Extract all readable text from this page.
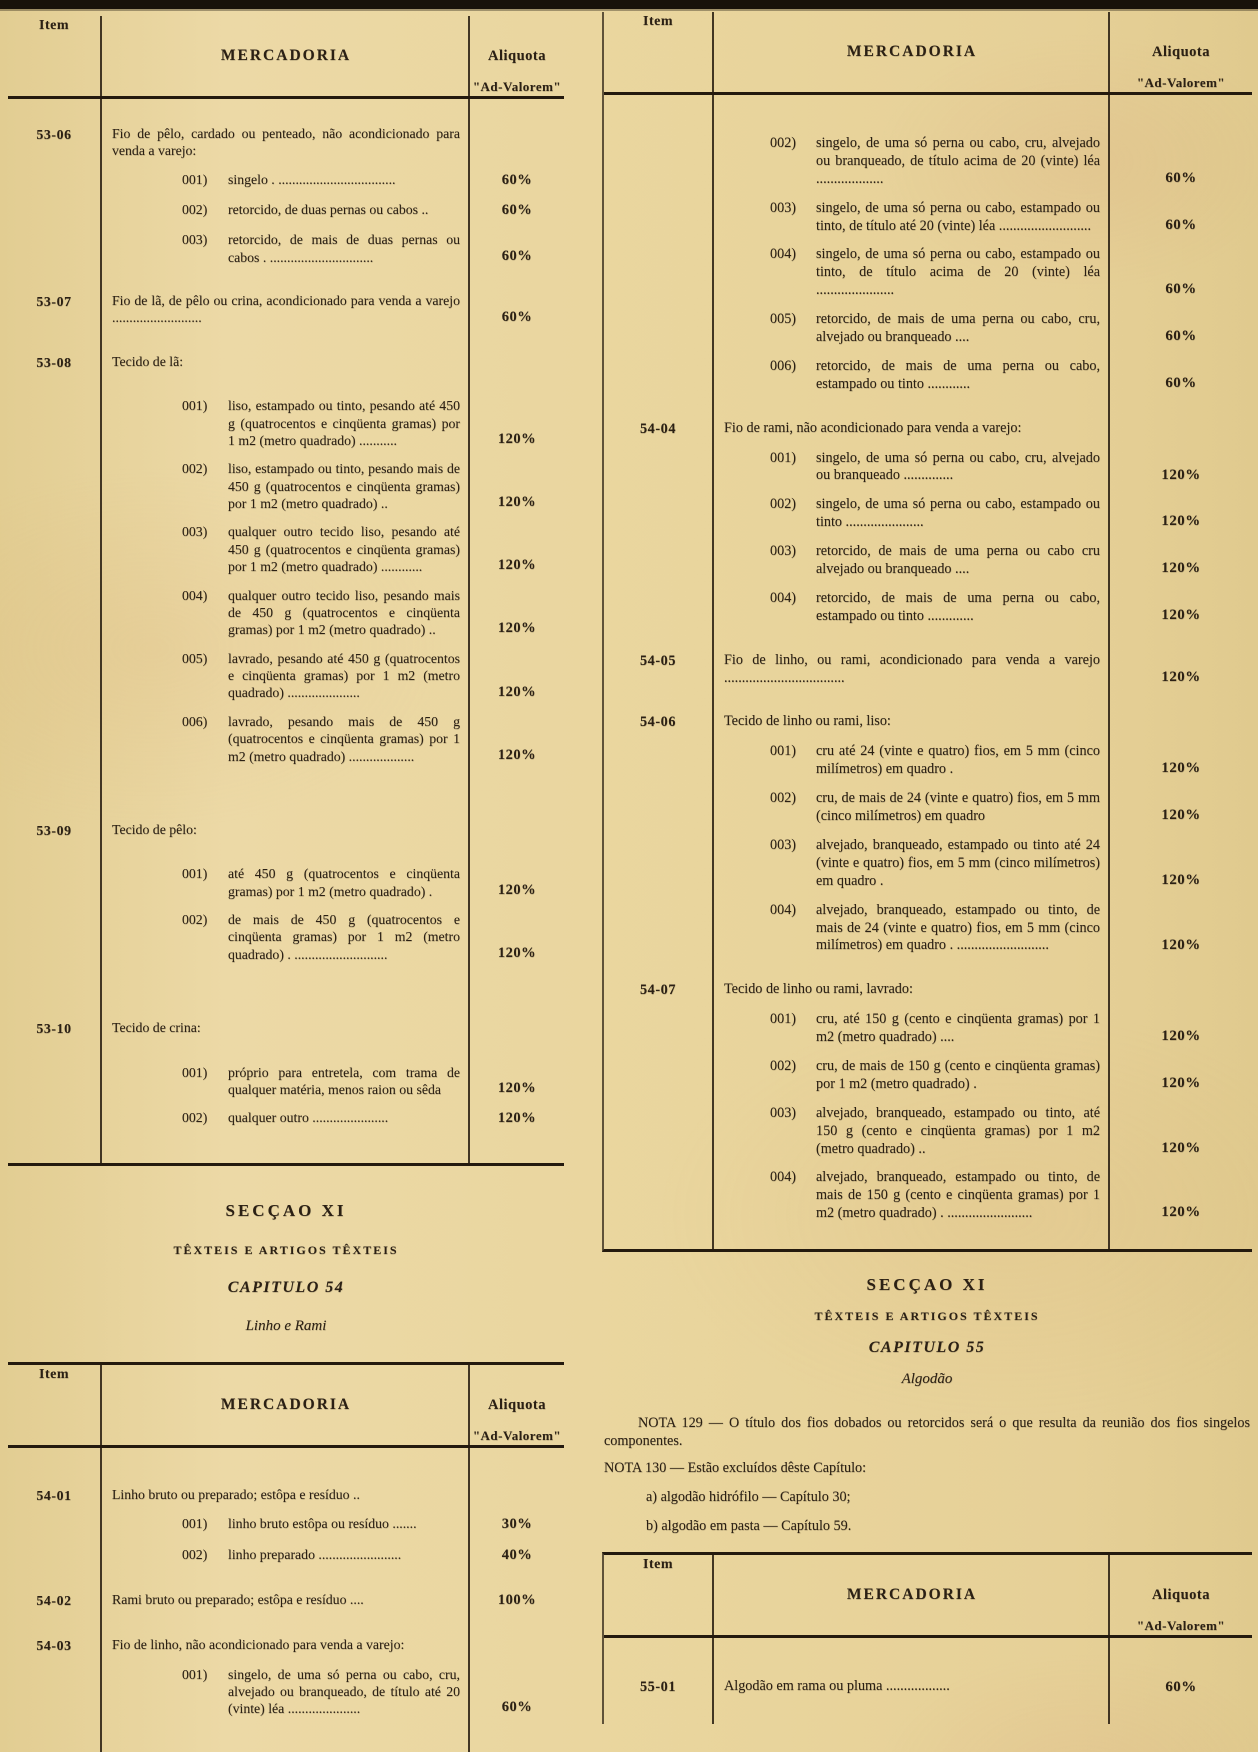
Item
MERCADORIA	Aliquota
"Ad-Valorem"
53-06	Fio de pêlo, cardado ou penteado, não acondicionado para venda a varejo:
001)	singelo . ..................................	60%
002)	retorcido, de duas pernas ou cabos ..	60%
003)	retorcido, de mais de duas pernas ou cabos . ..............................	60%
53-07	Fio de lã, de pêlo ou crina, acondicionado para venda a varejo ..........................	60%
53-08	Tecido de lã:
001)	liso, estampado ou tinto, pesando até 450 g (quatrocentos e cinqüenta gramas) por 1 m2 (metro quadrado) ...........	120%
002)	liso, estampado ou tinto, pesando mais de 450 g (quatrocentos e cinqüenta gramas) por 1 m2 (metro quadrado) ..	120%
003)	qualquer outro tecido liso, pesando até 450 g (quatrocentos e cinqüenta gramas) por 1 m2 (metro quadrado) ............	120%
004)	qualquer outro tecido liso, pesando mais de 450 g (quatrocentos e cinqüenta gramas) por 1 m2 (metro quadrado) ..	120%
005)	lavrado, pesando até 450 g (quatrocentos e cinqüenta gramas) por 1 m2 (metro quadrado) .....................	120%
006)	lavrado, pesando mais de 450 g (quatrocentos e cinqüenta gramas) por 1 m2 (metro quadrado) ...................	120%
53-09	Tecido de pêlo:
001)	até 450 g (quatrocentos e cinqüenta gramas) por 1 m2 (metro quadrado) .	120%
002)	de mais de 450 g (quatrocentos e cinqüenta gramas) por 1 m2 (metro quadrado) . ...........................	120%
53-10	Tecido de crina:
001)	próprio para entretela, com trama de qualquer matéria, menos raion ou sêda	120%
002)	qualquer outro ......................	120%
SECÇAO XI
TÊXTEIS E ARTIGOS TÊXTEIS
CAPITULO 54
Linho e Rami
Item
MERCADORIA	Aliquota
"Ad-Valorem"
54-01	Linho bruto ou preparado; estôpa e resíduo ..
001)	linho bruto estôpa ou resíduo .......	30%
002)	linho preparado ........................	40%
54-02	Rami bruto ou preparado; estôpa e resíduo ....	100%
54-03	Fio de linho, não acondicionado para venda a varejo:
001)	singelo, de uma só perna ou cabo, cru, alvejado ou branqueado, de título até 20 (vinte) léa .....................	60%
Item
MERCADORIA	Aliquota
"Ad-Valorem"
002)	singelo, de uma só perna ou cabo, cru, alvejado ou branqueado, de título acima de 20 (vinte) léa ...................	60%
003)	singelo, de uma só perna ou cabo, estampado ou tinto, de título até 20 (vinte) léa ..........................	60%
004)	singelo, de uma só perna ou cabo, estampado ou tinto, de título acima de 20 (vinte) léa ......................	60%
005)	retorcido, de mais de uma perna ou cabo, cru, alvejado ou branqueado ....	60%
006)	retorcido, de mais de uma perna ou cabo, estampado ou tinto ............	60%
54-04	Fio de rami, não acondicionado para venda a varejo:
001)	singelo, de uma só perna ou cabo, cru, alvejado ou branqueado ..............	120%
002)	singelo, de uma só perna ou cabo, estampado ou tinto ......................	120%
003)	retorcido, de mais de uma perna ou cabo cru alvejado ou branqueado ....	120%
004)	retorcido, de mais de uma perna ou cabo, estampado ou tinto .............	120%
54-05	Fio de linho, ou rami, acondicionado para venda a varejo ..................................	120%
54-06	Tecido de linho ou rami, liso:
001)	cru até 24 (vinte e quatro) fios, em 5 mm (cinco milímetros) em quadro .	120%
002)	cru, de mais de 24 (vinte e quatro) fios, em 5 mm (cinco milímetros) em quadro	120%
003)	alvejado, branqueado, estampado ou tinto até 24 (vinte e quatro) fios, em 5 mm (cinco milímetros) em quadro .	120%
004)	alvejado, branqueado, estampado ou tinto, de mais de 24 (vinte e quatro) fios, em 5 mm (cinco milímetros) em quadro . ..........................	120%
54-07	Tecido de linho ou rami, lavrado:
001)	cru, até 150 g (cento e cinqüenta gramas) por 1 m2 (metro quadrado) ....	120%
002)	cru, de mais de 150 g (cento e cinqüenta gramas) por 1 m2 (metro quadrado) .	120%
003)	alvejado, branqueado, estampado ou tinto, até 150 g (cento e cinqüenta gramas) por 1 m2 (metro quadrado) ..	120%
004)	alvejado, branqueado, estampado ou tinto, de mais de 150 g (cento e cinqüenta gramas) por 1 m2 (metro quadrado) . ........................	120%
SECÇAO XI
TÊXTEIS E ARTIGOS TÊXTEIS
CAPITULO 55
Algodão

NOTA 129 — O título dos fios dobados ou retorcidos será o que resulta da reunião dos fios singelos componentes.

NOTA 130 — Estão excluídos dêste Capítulo:

a) algodão hidrófilo — Capítulo 30;
b) algodão em pasta — Capítulo 59.
Item
MERCADORIA	Aliquota
"Ad-Valorem"
55-01	Algodão em rama ou pluma ..................	60%
